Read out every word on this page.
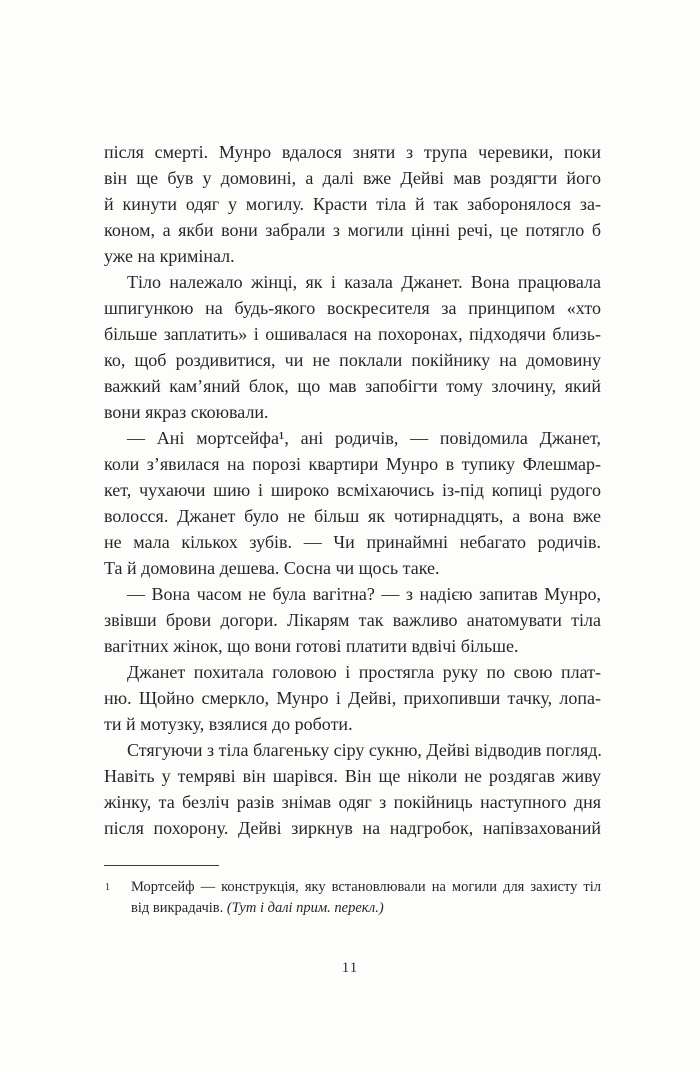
після смерті. Мунро вдалося зняти з трупа черевики, поки
він ще був у домовині, а далі вже Дейві мав роздягти його
й кинути одяг у могилу. Красти тіла й так заборонялося за-
коном, а якби вони забрали з могили цінні речі, це потягло б
уже на кримінал.
Тіло належало жінці, як і казала Джанет. Вона працювала
шпигункою на будь-якого воскресителя за принципом «хто
більше заплатить» і ошивалася на похоронах, підходячи близь-
ко, щоб роздивитися, чи не поклали покійнику на домовину
важкий кам’яний блок, що мав запобігти тому злочину, який
вони якраз скоювали.
— Ані мортсейфа¹, ані родичів, — повідомила Джанет,
коли з’явилася на порозі квартири Мунро в тупику Флешмар-
кет, чухаючи шию і широко всміхаючись із-під копиці рудого
волосся. Джанет було не більш як чотирнадцять, а вона вже
не мала кількох зубів. — Чи принаймні небагато родичів.
Та й домовина дешева. Сосна чи щось таке.
— Вона часом не була вагітна? — з надією запитав Мунро,
звівши брови догори. Лікарям так важливо анатомувати тіла
вагітних жінок, що вони готові платити вдвічі більше.
Джанет похитала головою і простягла руку по свою плат-
ню. Щойно смеркло, Мунро і Дейві, прихопивши тачку, лопа-
ти й мотузку, взялися до роботи.
Стягуючи з тіла благеньку сіру сукню, Дейві відводив погляд.
Навіть у темряві він шарівся. Він ще ніколи не роздягав живу
жінку, та безліч разів знімав одяг з покійниць наступного дня
після похорону. Дейві зиркнув на надгробок, напівзахований
1 Мортсейф — конструкція, яку встановлювали на могили для захисту тіл від викрадачів. (Тут і далі прим. перекл.)
11
